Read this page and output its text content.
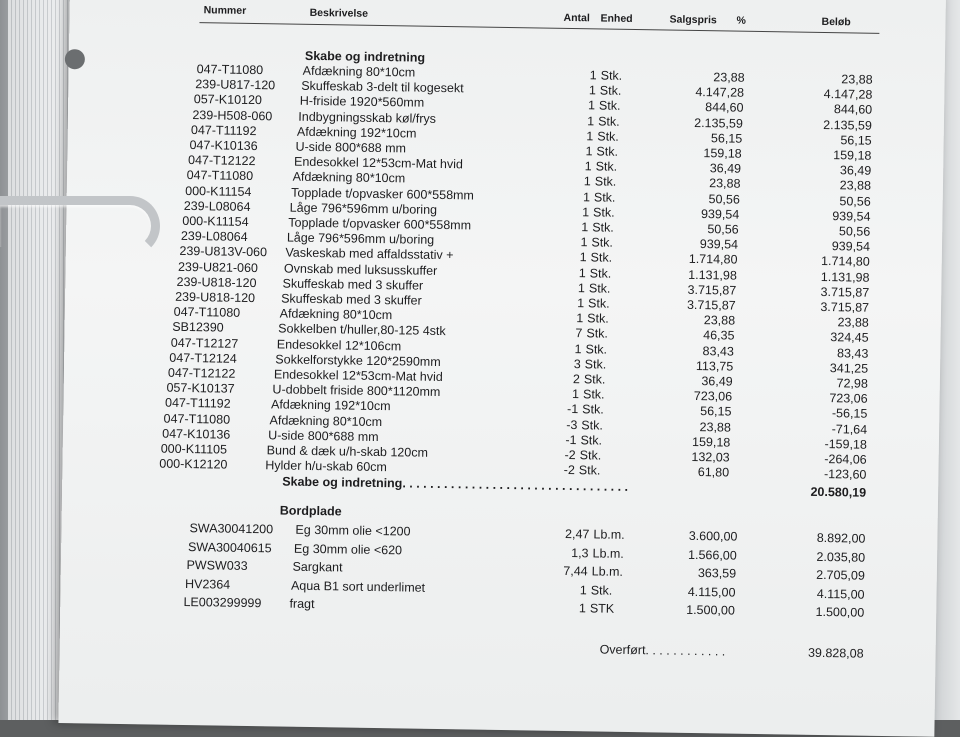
Nummer	Beskrivelse	Antal Enhed	Salgspris %	Beløb
Skabe og indretning
047-T11080	Afdækning 80*10cm	1 Stk.	23,88	23,88
239-U817-120 Skuffeskab 3-delt til kogesekt	1 Stk.	4.147,28	4.147,28
057-K10120	H-friside 1920*560mm	1 Stk.	844,60	844,60
239-H508-060 Indbygningsskab køl/frys	1 Stk.	2.135,59	2.135,59
047-T11192	Afdækning 192*10cm	1 Stk.	56,15	56,15
047-K10136	U-side 800*688 mm	1 Stk.	159,18	159,18
047-T12122	Endesokkel 12*53cm-Mat hvid	1 Stk.	36,49	36,49
047-T11080	Afdækning 80*10cm	1 Stk.	23,88	23,88
000-K11154	Topplade t/opvasker 600*558mm	1 Stk.	50,56	50,56
239-L08064	Låge 796*596mm u/boring	1 Stk.	939,54	939,54
000-K11154	Topplade t/opvasker 600*558mm	1 Stk.	50,56	50,56
239-L08064	Låge 796*596mm u/boring	1 Stk.	939,54	939,54
239-U813V-060 Vaskeskab med affaldsstativ +	1 Stk.	1.714,80	1.714,80
239-U821-060 Ovnskab med luksusskuffer	1 Stk.	1.131,98	1.131,98
239-U818-120 Skuffeskab med 3 skuffer	1 Stk.	3.715,87	3.715,87
239-U818-120 Skuffeskab med 3 skuffer	1 Stk.	3.715,87	3.715,87
047-T11080	Afdækning 80*10cm	1 Stk.	23,88	23,88
SB12390	Sokkelben t/huller,80-125 4stk	7 Stk.	46,35	324,45
047-T12127	Endesokkel 12*106cm	1 Stk.	83,43	83,43
047-T12124	Sokkelforstykke 120*2590mm	3 Stk.	113,75	341,25
047-T12122	Endesokkel 12*53cm-Mat hvid	2 Stk.	36,49	72,98
057-K10137	U-dobbelt friside 800*1120mm	1 Stk.	723,06	723,06
047-T11192	Afdækning 192*10cm	-1 Stk.	56,15	-56,15
047-T11080	Afdækning 80*10cm	-3 Stk.	23,88	-71,64
047-K10136	U-side 800*688 mm	-1 Stk.	159,18	-159,18
000-K11105	Bund & dæk u/h-skab 120cm	-2 Stk.	132,03	-264,06
000-K12120	Hylder h/u-skab 60cm	-2 Stk.	61,80	-123,60
Skabe og indretning. . . . . . . . . . . . . . . . . . . . . . . . . . . . . . . . .	20.580,19
Bordplade
SWA30041200 Eg 30mm olie <1200	2,47 Lb.m.	3.600,00	8.892,00
SWA30040615 Eg 30mm olie <620	1,3 Lb.m.	1.566,00	2.035,80
PWSW033	Sargkant	7,44 Lb.m.	363,59	2.705,09
HV2364	Aqua B1 sort underlimet	1 Stk.	4.115,00	4.115,00
LE003299999 fragt	1 STK	1.500,00	1.500,00
Overført. . . . . . . . . . . .	39.828,08
